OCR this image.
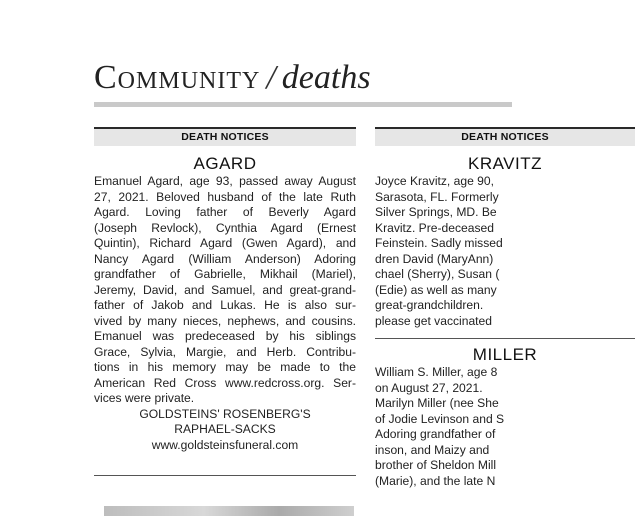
Community / deaths
DEATH NOTICES
AGARD
Emanuel Agard, age 93, passed away August
27, 2021. Beloved husband of the late Ruth
Agard. Loving father of Beverly Agard
(Joseph Revlock), Cynthia Agard (Ernest
Quintin), Richard Agard (Gwen Agard), and
Nancy Agard (William Anderson) Adoring
grandfather of Gabrielle, Mikhail (Mariel),
Jeremy, David, and Samuel, and great-grand-
father of Jakob and Lukas. He is also sur-
vived by many nieces, nephews, and cousins.
Emanuel was predeceased by his siblings
Grace, Sylvia, Margie, and Herb. Contribu-
tions in his memory may be made to the
American Red Cross www.redcross.org. Ser-
vices were private.
GOLDSTEINS' ROSENBERG'S
RAPHAEL-SACKS
www.goldsteinsfuneral.com
DEATH NOTICES
KRAVITZ
Joyce Kravitz, age 90,
Sarasota, FL. Formerly
Silver Springs, MD. Be
Kravitz. Pre-deceased
Feinstein. Sadly missed
dren David (MaryAnn)
chael (Sherry), Susan (
(Edie) as well as many
great-grandchildren.
please get vaccinated
MILLER
William S. Miller, age 8
on August 27, 2021.
Marilyn Miller (nee She
of Jodie Levinson and S
Adoring grandfather of
inson, and Maizy and
brother of Sheldon Mill
(Marie), and the late N
